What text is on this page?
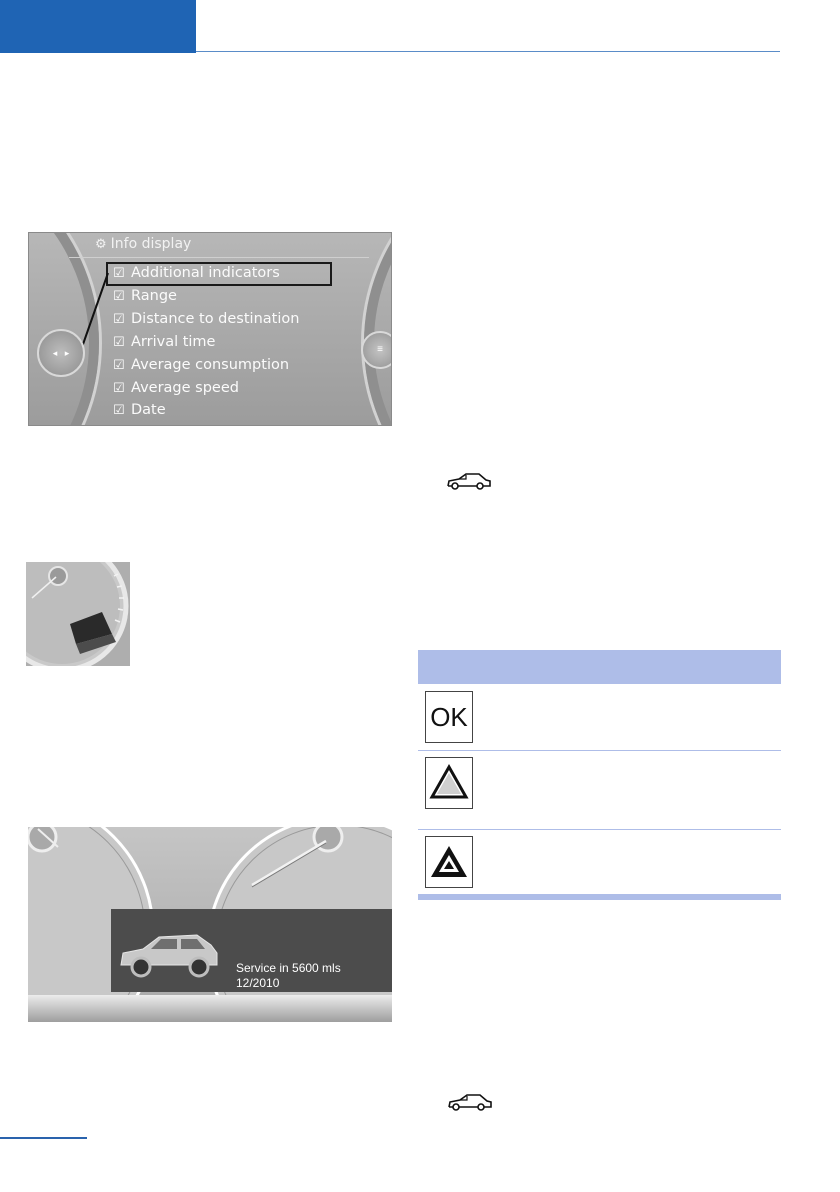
⚙ Info display
☑ Additional indicators
☑ Range
☑ Distance to destination
☑ Arrival time
☑ Average consumption
☑ Average speed
☑ Date
◂   ▸	≡
Service in 5600 mls
12/2010
OK
